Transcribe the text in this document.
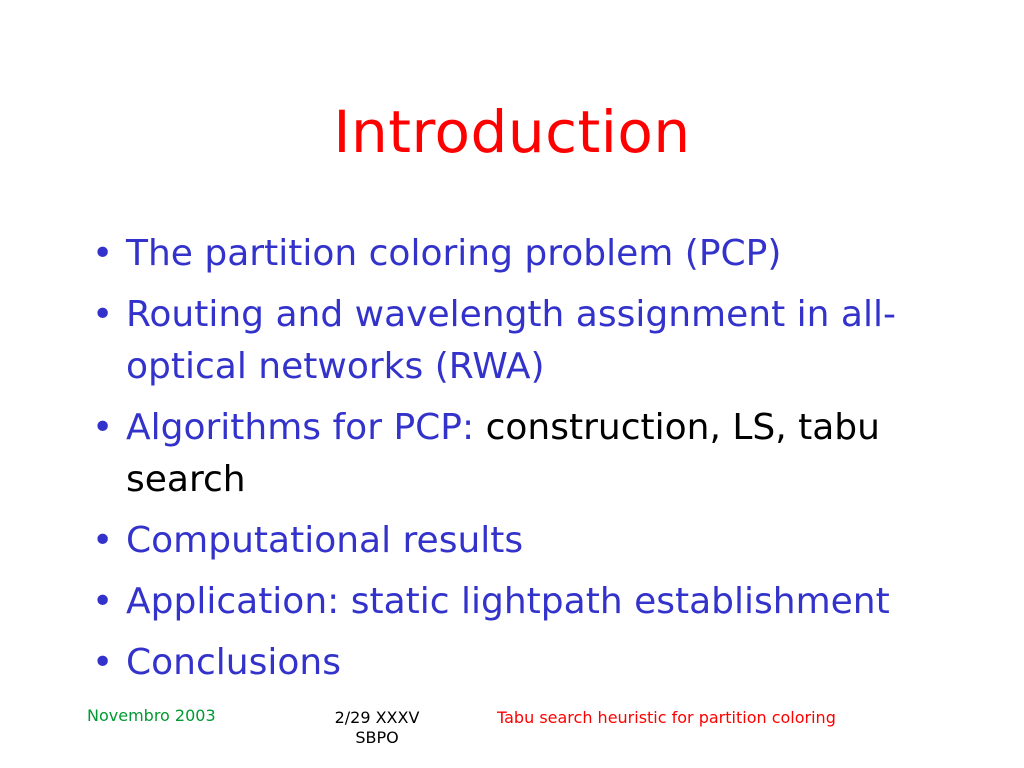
Introduction
• The partition coloring problem (PCP)
• Routing and wavelength assignment in all-optical networks (RWA)
• Algorithms for PCP: construction, LS, tabu search
• Computational results
• Application: static lightpath establishment
• Conclusions
Novembro 2003	2/29 XXXV SBPO
Tabu search heuristic for partition coloring
